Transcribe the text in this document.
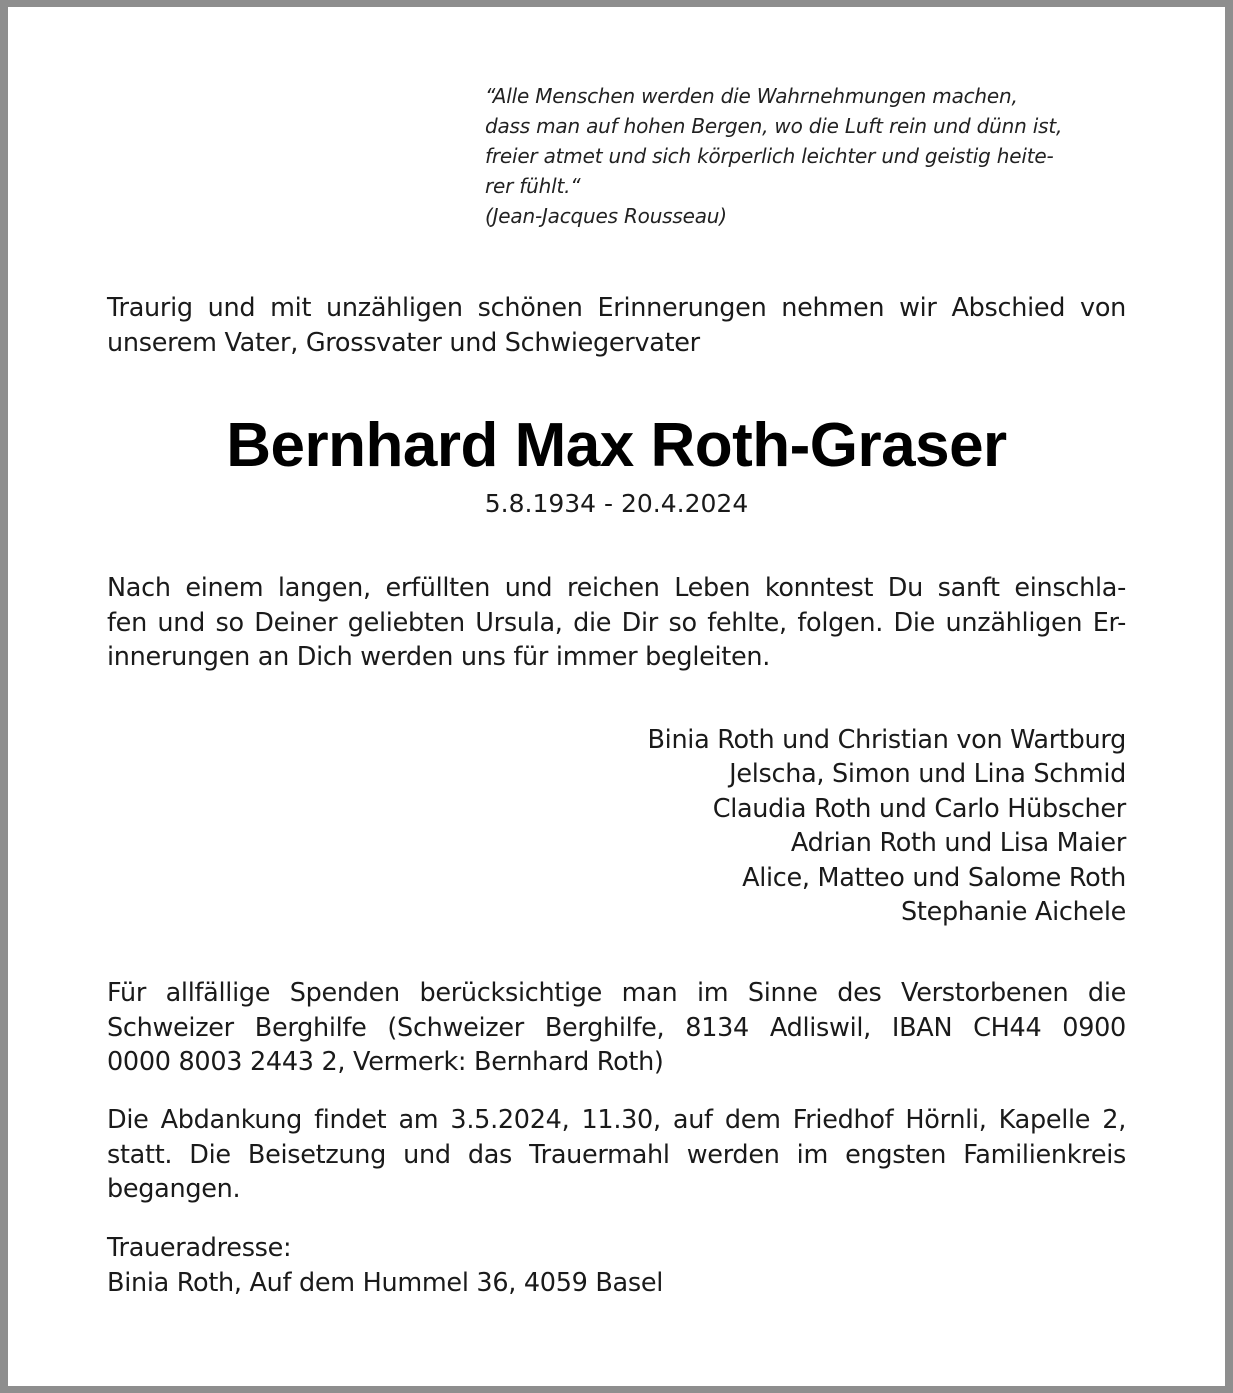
“Alle Menschen werden die Wahrnehmungen machen,
dass man auf hohen Bergen, wo die Luft rein und dünn ist,
freier atmet und sich körperlich leichter und geistig heite-
rer fühlt.“
(Jean-Jacques Rousseau)
Traurig und mit unzähligen schönen Erinnerungen nehmen wir Abschied von
unserem Vater, Grossvater und Schwiegervater
Bernhard Max Roth-Graser
5.8.1934 - 20.4.2024
Nach einem langen, erfüllten und reichen Leben konntest Du sanft einschla-
fen und so Deiner geliebten Ursula, die Dir so fehlte, folgen. Die unzähligen Er-
innerungen an Dich werden uns für immer begleiten.
Binia Roth und Christian von Wartburg
Jelscha, Simon und Lina Schmid
Claudia Roth und Carlo Hübscher
Adrian Roth und Lisa Maier
Alice, Matteo und Salome Roth
Stephanie Aichele
Für allfällige Spenden berücksichtige man im Sinne des Verstorbenen die
Schweizer Berghilfe (Schweizer Berghilfe, 8134 Adliswil, IBAN CH44 0900
0000 8003 2443 2, Vermerk: Bernhard Roth)
Die Abdankung findet am 3.5.2024, 11.30, auf dem Friedhof Hörnli, Kapelle 2,
statt. Die Beisetzung und das Trauermahl werden im engsten Familienkreis
begangen.
Traueradresse:
Binia Roth, Auf dem Hummel 36, 4059 Basel
